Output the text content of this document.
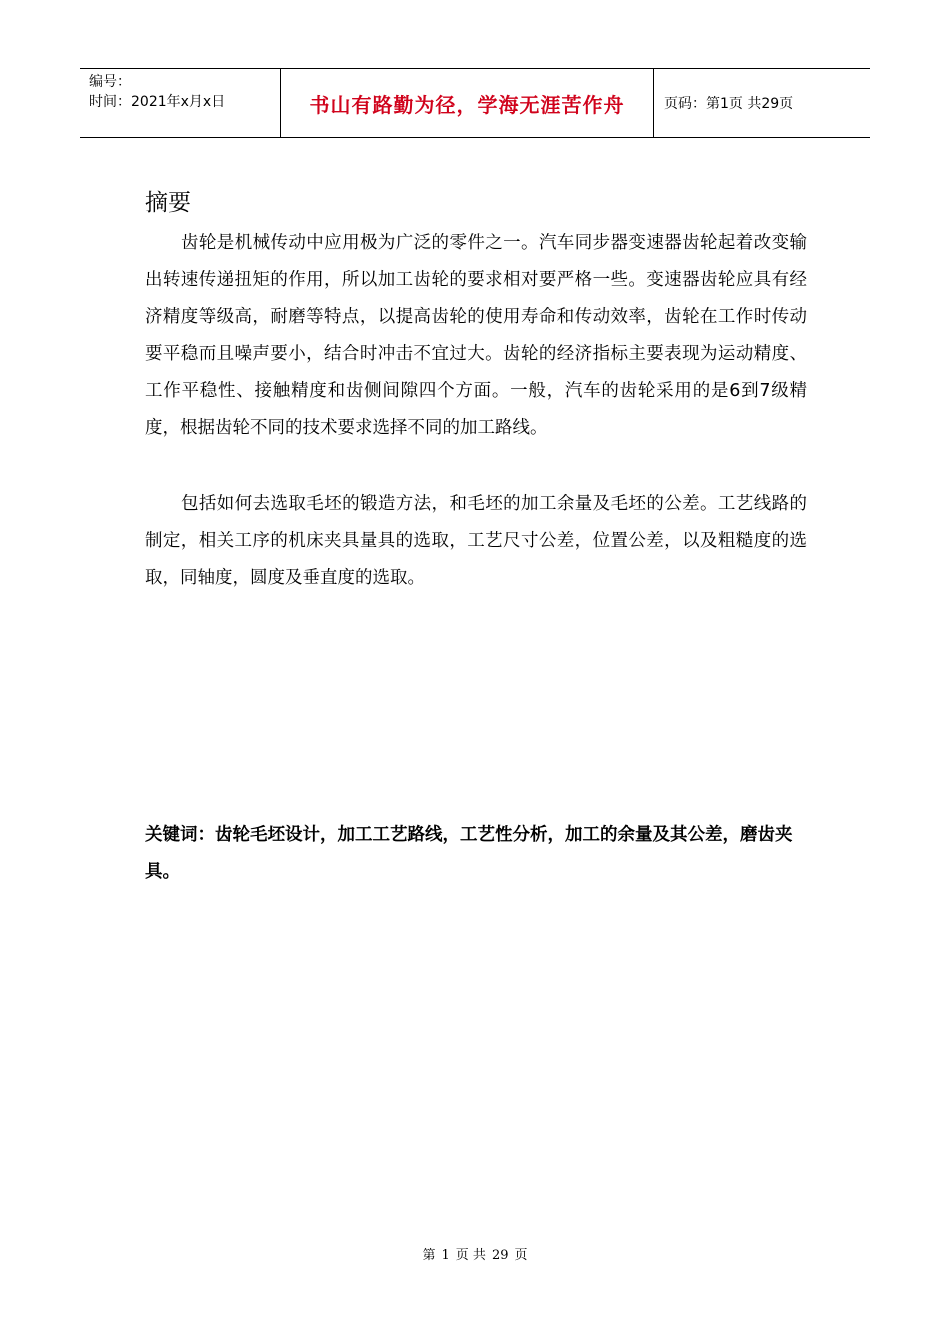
编号：
时间：2021年x月x日	书山有路勤为径，学海无涯苦作舟	页码：第1页 共29页
摘要

齿轮是机械传动中应用极为广泛的零件之一。汽车同步器变速器齿轮起着改变输出转速传递扭矩的作用，所以加工齿轮的要求相对要严格一些。变速器齿轮应具有经济精度等级高，耐磨等特点，以提高齿轮的使用寿命和传动效率，齿轮在工作时传动要平稳而且噪声要小，结合时冲击不宜过大。齿轮的经济指标主要表现为运动精度、工作平稳性、接触精度和齿侧间隙四个方面。一般，汽车的齿轮采用的是6到7级精度，根据齿轮不同的技术要求选择不同的加工路线。

包括如何去选取毛坯的锻造方法，和毛坯的加工余量及毛坯的公差。工艺线路的制定，相关工序的机床夹具量具的选取，工艺尺寸公差，位置公差，以及粗糙度的选取，同轴度，圆度及垂直度的选取。

关键词：齿轮毛坯设计，加工工艺路线，工艺性分析，加工的余量及其公差，磨齿夹具。

第 1 页 共 29 页
